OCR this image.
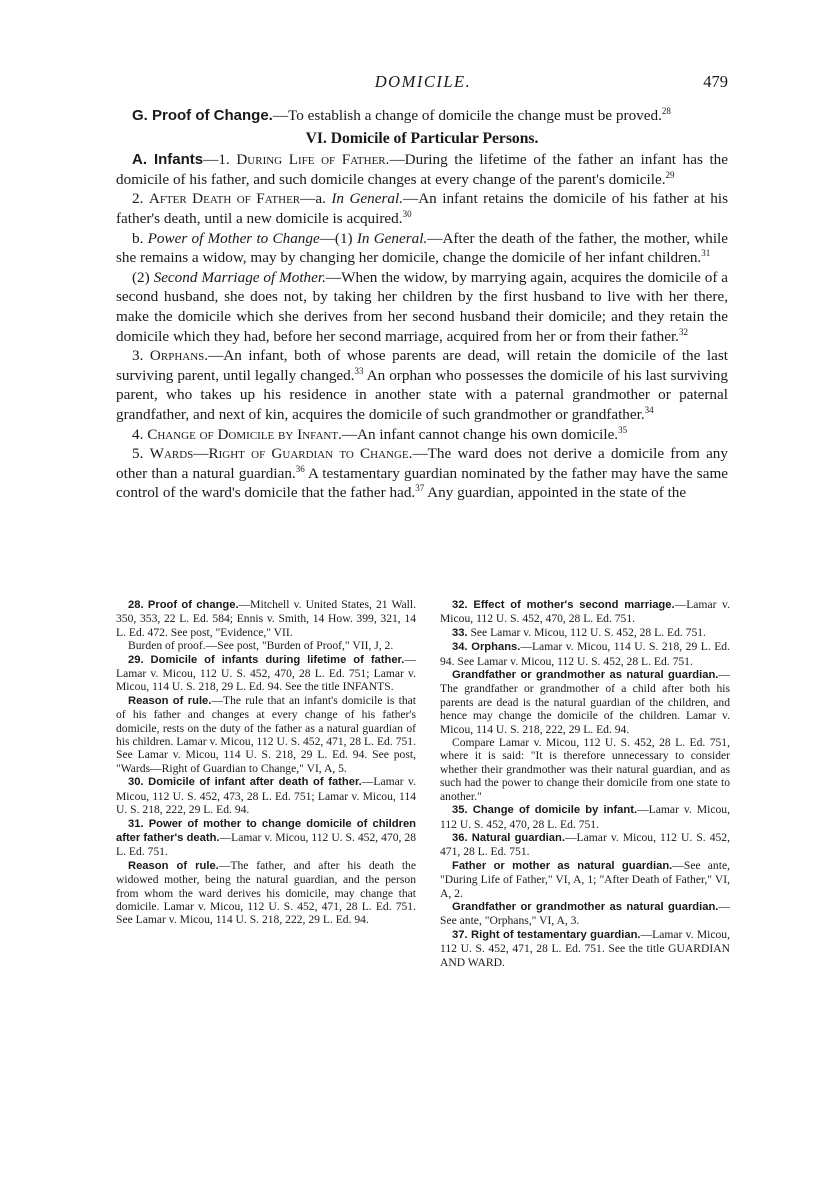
DOMICILE.	479

G. Proof of Change.—To establish a change of domicile the change must be proved.$^{28}$

VI. Domicile of Particular Persons.

A. Infants—1. During Life of Father.—During the lifetime of the father an infant has the domicile of his father, and such domicile changes at every change of the parent's domicile.$^{29}$

2. After Death of Father—a. In General.—An infant retains the domicile of his father at his father's death, until a new domicile is acquired.$^{30}$

b. Power of Mother to Change—(1) In General.—After the death of the father, the mother, while she remains a widow, may by changing her domicile, change the domicile of her infant children.$^{31}$

(2) Second Marriage of Mother.—When the widow, by marrying again, acquires the domicile of a second husband, she does not, by taking her children by the first husband to live with her there, make the domicile which she derives from her second husband their domicile; and they retain the domicile which they had, before her second marriage, acquired from her or from their father.$^{32}$

3. Orphans.—An infant, both of whose parents are dead, will retain the domicile of the last surviving parent, until legally changed.$^{33}$ An orphan who possesses the domicile of his last surviving parent, who takes up his residence in another state with a paternal grandmother or paternal grandfather, and next of kin, acquires the domicile of such grandmother or grandfather.$^{34}$

4. Change of Domicile by Infant.—An infant cannot change his own domicile.$^{35}$

5. Wards—Right of Guardian to Change.—The ward does not derive a domicile from any other than a natural guardian.$^{36}$ A testamentary guardian nominated by the father may have the same control of the ward's domicile that the father had.$^{37}$ Any guardian, appointed in the state of the

28. Proof of change.—Mitchell v. United States, 21 Wall. 350, 353, 22 L. Ed. 584; Ennis v. Smith, 14 How. 399, 321, 14 L. Ed. 472. See post, "Evidence," VII.

Burden of proof.—See post, "Burden of Proof," VII, J, 2.

29. Domicile of infants during lifetime of father.—Lamar v. Micou, 112 U. S. 452, 470, 28 L. Ed. 751; Lamar v. Micou, 114 U. S. 218, 29 L. Ed. 94. See the title INFANTS.

Reason of rule.—The rule that an infant's domicile is that of his father and changes at every change of his father's domicile, rests on the duty of the father as a natural guardian of his children. Lamar v. Micou, 112 U. S. 452, 471, 28 L. Ed. 751. See Lamar v. Micou, 114 U. S. 218, 29 L. Ed. 94. See post, "Wards—Right of Guardian to Change," VI, A, 5.

30. Domicile of infant after death of father.—Lamar v. Micou, 112 U. S. 452, 473, 28 L. Ed. 751; Lamar v. Micou, 114 U. S. 218, 222, 29 L. Ed. 94.

31. Power of mother to change domicile of children after father's death.—Lamar v. Micou, 112 U. S. 452, 470, 28 L. Ed. 751.

Reason of rule.—The father, and after his death the widowed mother, being the natural guardian, and the person from whom the ward derives his domicile, may change that domicile. Lamar v. Micou, 112 U. S. 452, 471, 28 L. Ed. 751. See Lamar v. Micou, 114 U. S. 218, 222, 29 L. Ed. 94.

32. Effect of mother's second marriage.—Lamar v. Micou, 112 U. S. 452, 470, 28 L. Ed. 751.

33. See Lamar v. Micou, 112 U. S. 452, 28 L. Ed. 751.

34. Orphans.—Lamar v. Micou, 114 U. S. 218, 29 L. Ed. 94. See Lamar v. Micou, 112 U. S. 452, 28 L. Ed. 751.

Grandfather or grandmother as natural guardian.—The grandfather or grandmother of a child after both his parents are dead is the natural guardian of the children, and hence may change the domicile of the children. Lamar v. Micou, 114 U. S. 218, 222, 29 L. Ed. 94.

Compare Lamar v. Micou, 112 U. S. 452, 28 L. Ed. 751, where it is said: "It is therefore unnecessary to consider whether their grandmother was their natural guardian, and as such had the power to change their domicile from one state to another."

35. Change of domicile by infant.—Lamar v. Micou, 112 U. S. 452, 470, 28 L. Ed. 751.

36. Natural guardian.—Lamar v. Micou, 112 U. S. 452, 471, 28 L. Ed. 751.

Father or mother as natural guardian.—See ante, "During Life of Father," VI, A, 1; "After Death of Father," VI, A, 2.

Grandfather or grandmother as natural guardian.—See ante, "Orphans," VI, A, 3.

37. Right of testamentary guardian.—Lamar v. Micou, 112 U. S. 452, 471, 28 L. Ed. 751. See the title GUARDIAN AND WARD.
